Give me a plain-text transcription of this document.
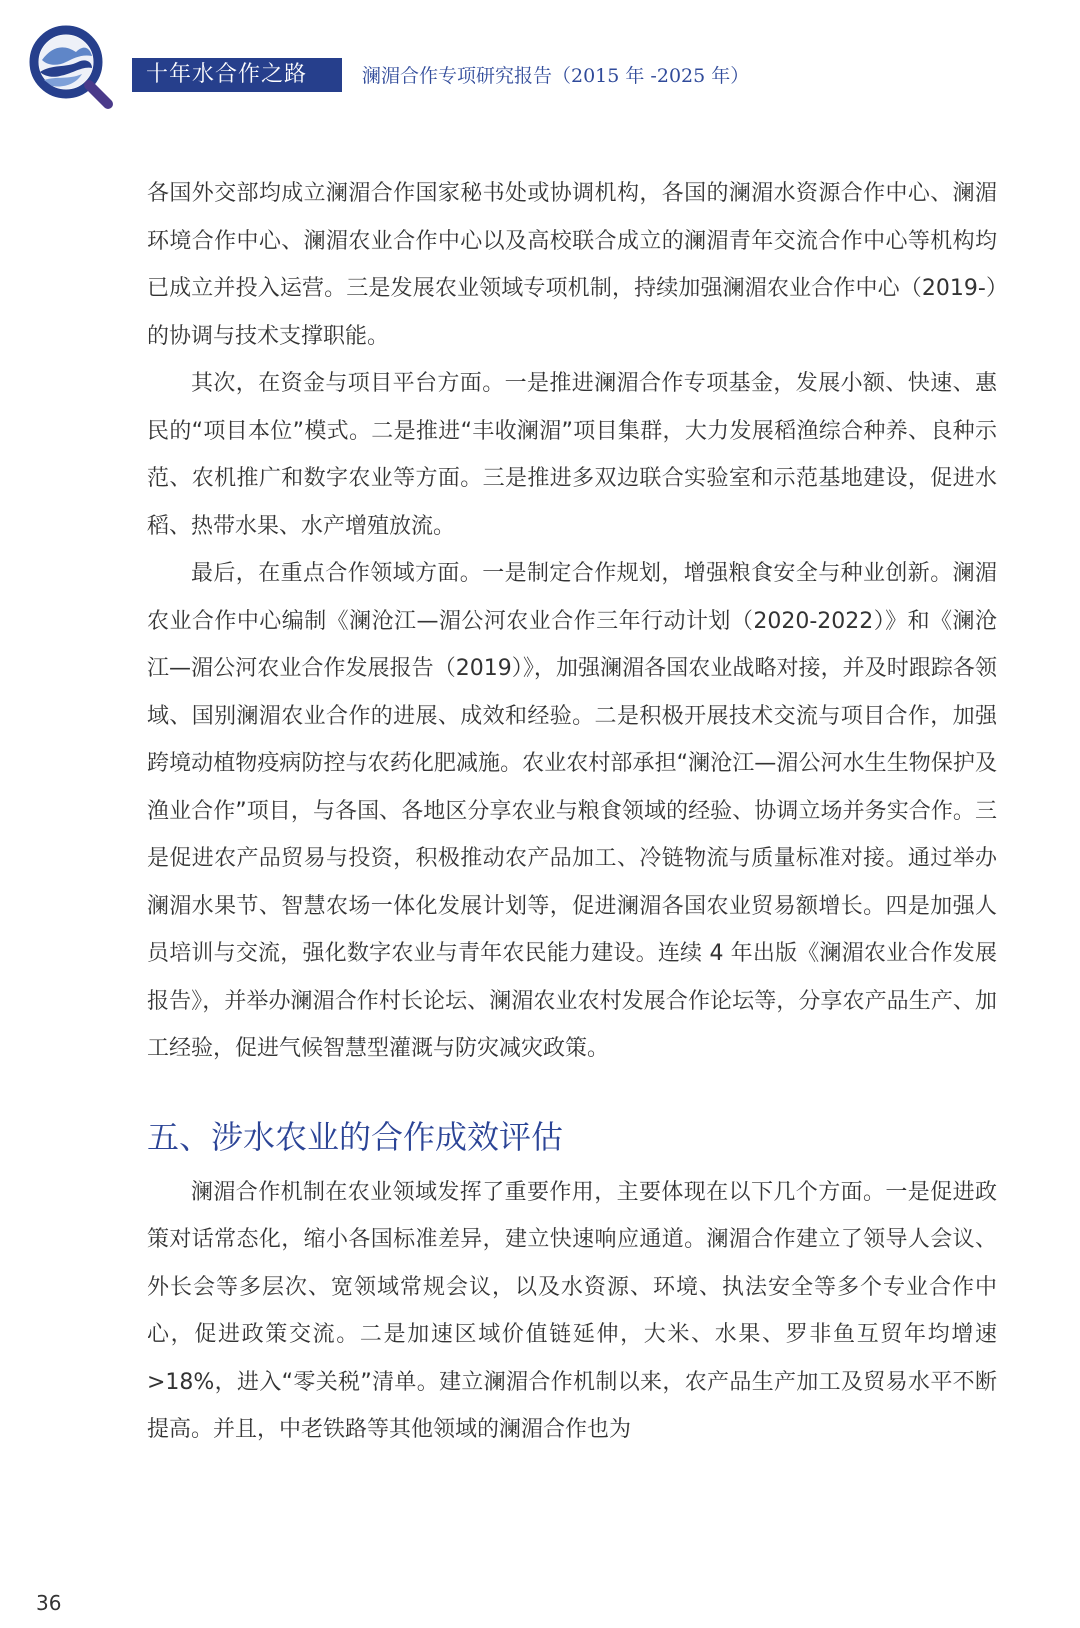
十年水合作之路	澜湄合作专项研究报告（2015 年 -2025 年）

各国外交部均成立澜湄合作国家秘书处或协调机构，各国的澜湄水资源合作中心、澜湄环境合作中心、澜湄农业合作中心以及高校联合成立的澜湄青年交流合作中心等机构均已成立并投入运营。三是发展农业领域专项机制，持续加强澜湄农业合作中心（2019-）的协调与技术支撑职能。

其次，在资金与项目平台方面。一是推进澜湄合作专项基金，发展小额、快速、惠民的“项目本位”模式。二是推进“丰收澜湄”项目集群，大力发展稻渔综合种养、良种示范、农机推广和数字农业等方面。三是推进多双边联合实验室和示范基地建设，促进水稻、热带水果、水产增殖放流。

最后，在重点合作领域方面。一是制定合作规划，增强粮食安全与种业创新。澜湄农业合作中心编制《澜沧江—湄公河农业合作三年行动计划（2020-2022）》和《澜沧江—湄公河农业合作发展报告（2019）》，加强澜湄各国农业战略对接，并及时跟踪各领域、国别澜湄农业合作的进展、成效和经验。二是积极开展技术交流与项目合作，加强跨境动植物疫病防控与农药化肥减施。农业农村部承担“澜沧江—湄公河水生生物保护及渔业合作”项目，与各国、各地区分享农业与粮食领域的经验、协调立场并务实合作。三是促进农产品贸易与投资，积极推动农产品加工、冷链物流与质量标准对接。通过举办澜湄水果节、智慧农场一体化发展计划等，促进澜湄各国农业贸易额增长。四是加强人员培训与交流，强化数字农业与青年农民能力建设。连续 4 年出版《澜湄农业合作发展报告》，并举办澜湄合作村长论坛、澜湄农业农村发展合作论坛等，分享农产品生产、加工经验，促进气候智慧型灌溉与防灾减灾政策。

五、涉水农业的合作成效评估

澜湄合作机制在农业领域发挥了重要作用，主要体现在以下几个方面。一是促进政策对话常态化，缩小各国标准差异，建立快速响应通道。澜湄合作建立了领导人会议、外长会等多层次、宽领域常规会议，以及水资源、环境、执法安全等多个专业合作中心，促进政策交流。二是加速区域价值链延伸，大米、水果、罗非鱼互贸年均增速 >18%，进入“零关税”清单。建立澜湄合作机制以来，农产品生产加工及贸易水平不断提高。并且，中老铁路等其他领域的澜湄合作也为

36
